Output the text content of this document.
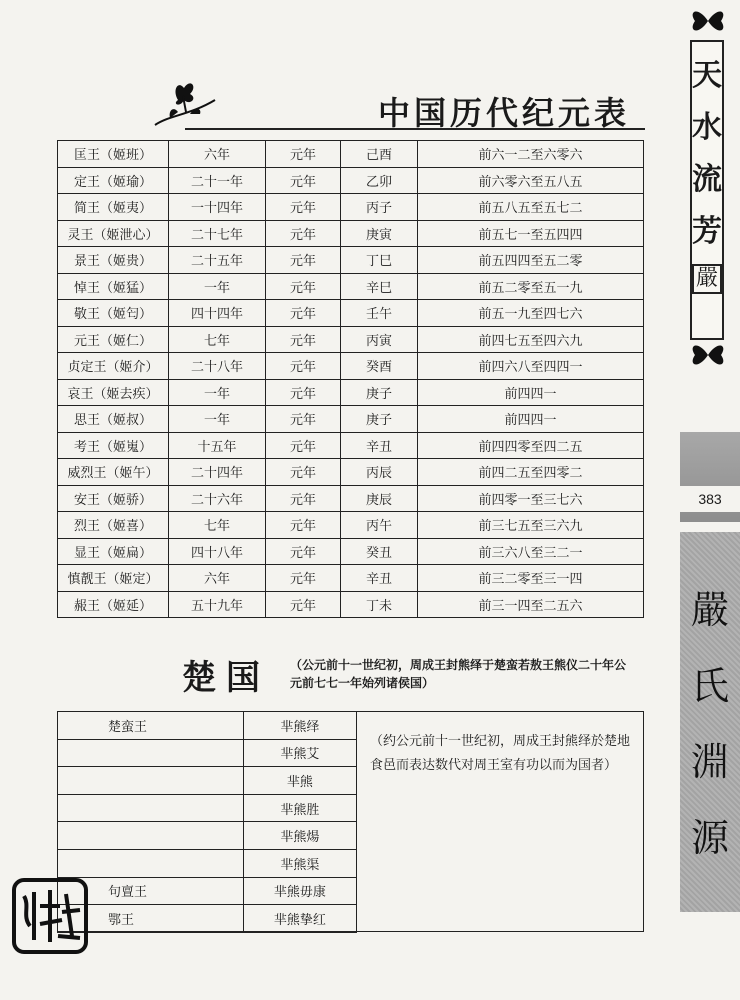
天
水
流
芳
嚴
383
嚴
氏
淵
源
中国历代纪元表
匡王（姬班）	六年	元年	己酉	前六一二至六零六
定王（姬瑜）	二十一年	元年	乙卯	前六零六至五八五
简王（姬夷）	一十四年	元年	丙子	前五八五至五七二
灵王（姬泄心）	二十七年	元年	庚寅	前五七一至五四四
景王（姬贵）	二十五年	元年	丁巳	前五四四至五二零
悼王（姬猛）	一年	元年	辛巳	前五二零至五一九
敬王（姬匄）	四十四年	元年	壬午	前五一九至四七六
元王（姬仁）	七年	元年	丙寅	前四七五至四六九
贞定王（姬介）	二十八年	元年	癸酉	前四六八至四四一
哀王（姬去疾）	一年	元年	庚子	前四四一
思王（姬叔）	一年	元年	庚子	前四四一
考王（姬嵬）	十五年	元年	辛丑	前四四零至四二五
威烈王（姬午）	二十四年	元年	丙辰	前四二五至四零二
安王（姬骄）	二十六年	元年	庚辰	前四零一至三七六
烈王（姬喜）	七年	元年	丙午	前三七五至三六九
显王（姬扁）	四十八年	元年	癸丑	前三六八至三二一
慎靓王（姬定）	六年	元年	辛丑	前三二零至三一四
赧王（姬延）	五十九年	元年	丁未	前三一四至二五六
楚国 （公元前十一世纪初，周成王封熊绎于楚蛮若敖王熊仪二十年公元前七七一年始列诸侯国）
楚蛮王	芈熊绎
	芈熊艾
	芈熊
	芈熊胜
	芈熊煬
	芈熊渠
句亶王	芈熊毋康
鄂王	芈熊挚红
（约公元前十一世纪初，周成王封熊绎於楚地食邑而表达数代对周王室有功以而为国者）
